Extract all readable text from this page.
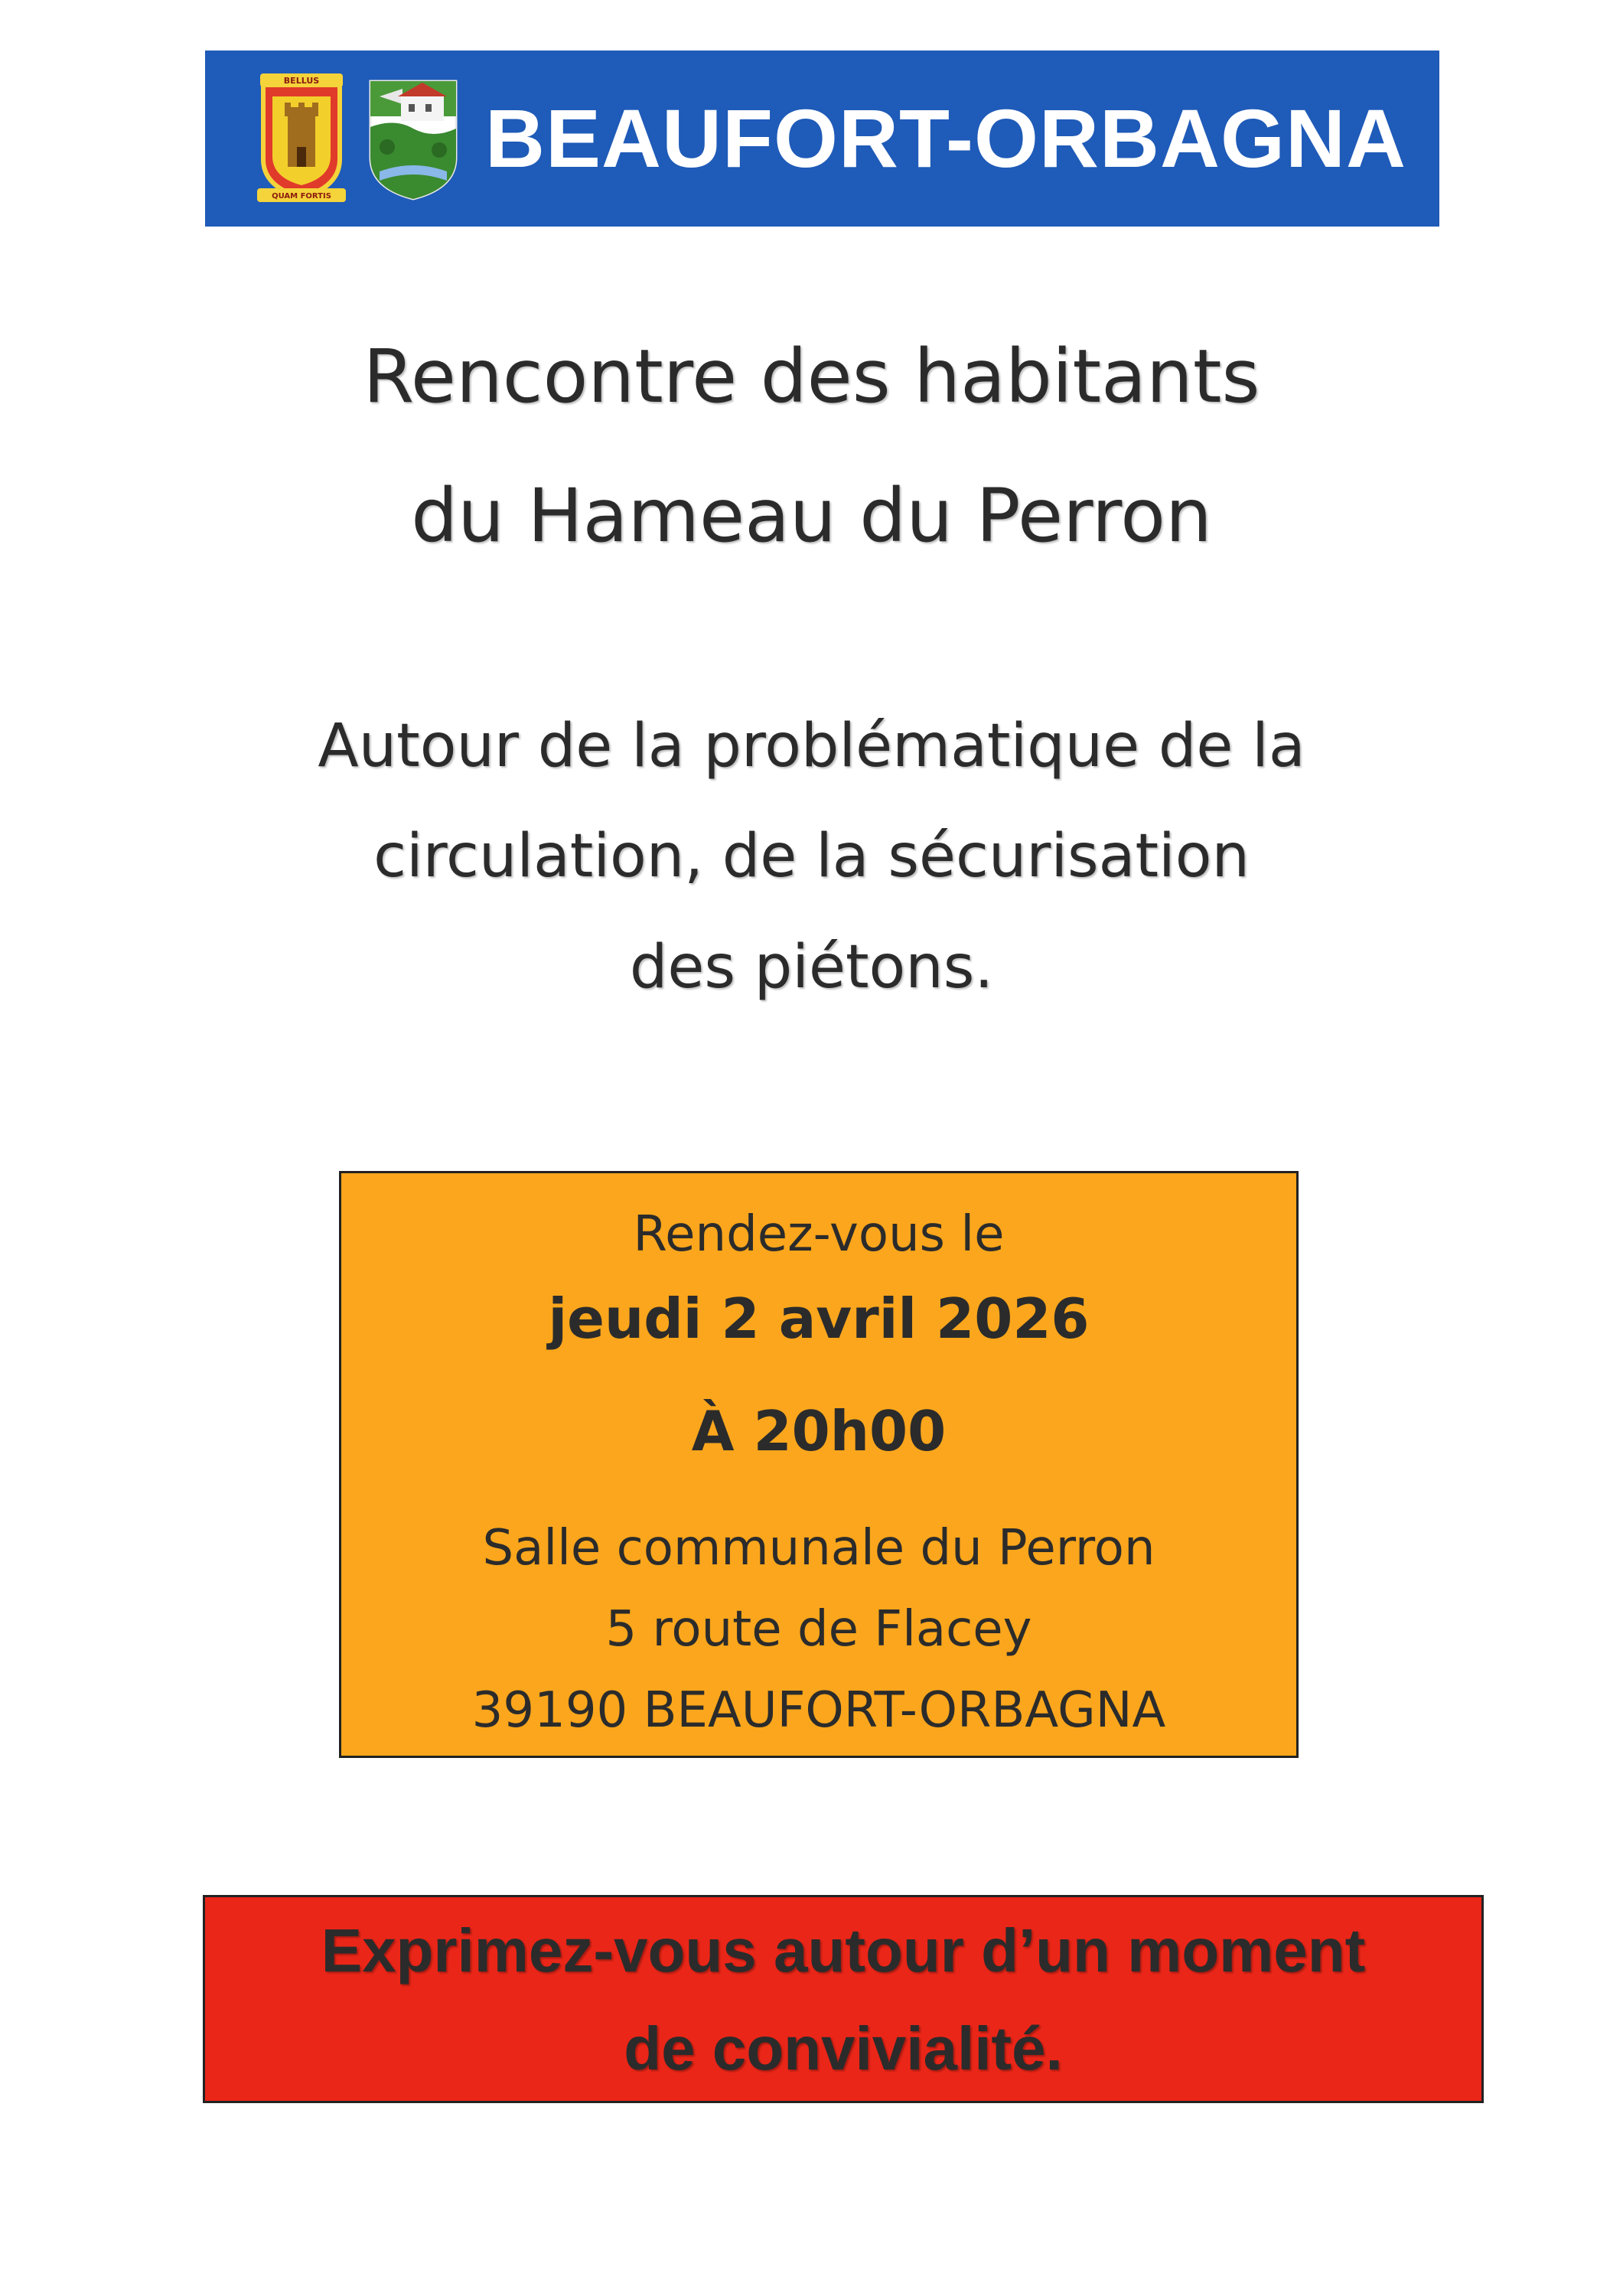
BELLUS
QUAM FORTIS
BEAUFORT-ORBAGNA
Rencontre des habitants
du Hameau du Perron
Autour de la problématique de la
circulation, de la sécurisation
des piétons.
Rendez-vous le
jeudi 2 avril 2026
À 20h00
Salle communale du Perron
5 route de Flacey
39190 BEAUFORT-ORBAGNA
Exprimez-vous autour d’un moment
de convivialité.
